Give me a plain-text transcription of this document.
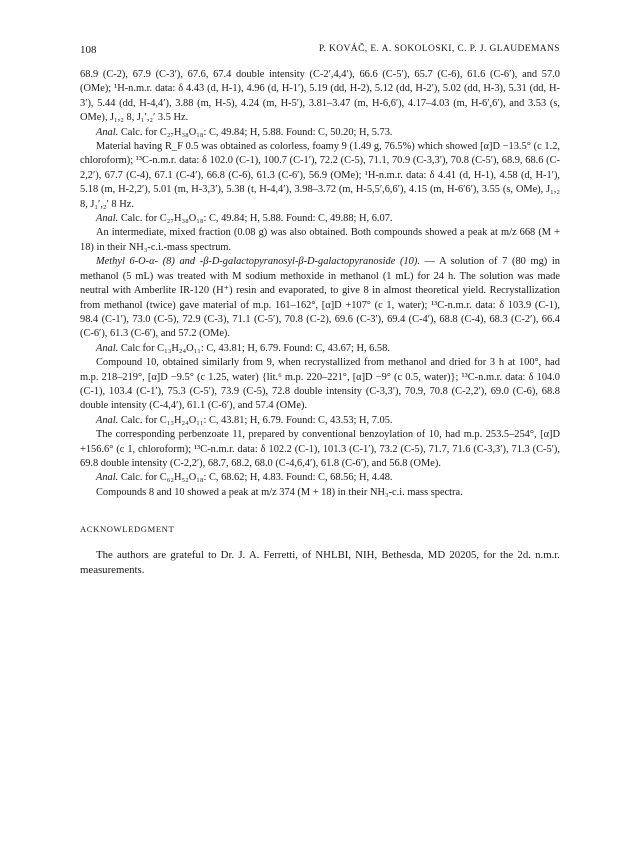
108	P. KOVÁČ, E. A. SOKOLOSKI, C. P. J. GLAUDEMANS

68.9 (C-2), 67.9 (C-3′), 67.6, 67.4 double intensity (C-2′,4,4′), 66.6 (C-5′), 65.7 (C-6), 61.6 (C-6′), and 57.0 (OMe); ¹H-n.m.r. data: δ 4.43 (d, H-1), 4.96 (d, H-1′), 5.19 (dd, H-2), 5.12 (dd, H-2′), 5.02 (dd, H-3), 5.31 (dd, H-3′), 5.44 (dd, H-4,4′), 3.88 (m, H-5), 4.24 (m, H-5′), 3.81–3.47 (m, H-6,6′), 4.17–4.03 (m, H-6′,6′), and 3.53 (s, OMe), J₁,₂ 8, J₁′,₂′ 3.5 Hz.

Anal. Calc. for C₂₇H₃₈O₁₈: C, 49.84; H, 5.88. Found: C, 50.20; H, 5.73.

Material having R_F 0.5 was obtained as colorless, foamy 9 (1.49 g, 76.5%) which showed [α]D −13.5° (c 1.2, chloroform); ¹³C-n.m.r. data: δ 102.0 (C-1), 100.7 (C-1′), 72.2 (C-5), 71.1, 70.9 (C-3,3′), 70.8 (C-5′), 68.9, 68.6 (C-2,2′), 67.7 (C-4), 67.1 (C-4′), 66.8 (C-6), 61.3 (C-6′), 56.9 (OMe); ¹H-n.m.r. data: δ 4.41 (d, H-1), 4.58 (d, H-1′), 5.18 (m, H-2,2′), 5.01 (m, H-3,3′), 5.38 (t, H-4,4′), 3.98–3.72 (m, H-5,5′,6,6′), 4.15 (m, H-6′6′), 3.55 (s, OMe), J₁,₂ 8, J₁′,₂′ 8 Hz.

Anal. Calc. for C₂₇H₃₈O₁₈: C, 49.84; H, 5.88. Found: C, 49.88; H, 6.07.

An intermediate, mixed fraction (0.08 g) was also obtained. Both compounds showed a peak at m/z 668 (M + 18) in their NH₃-c.i.-mass spectrum.

Methyl 6-O-α- (8) and -β-D-galactopyranosyl-β-D-galactopyranoside (10). — A solution of 7 (80 mg) in methanol (5 mL) was treated with M sodium methoxide in methanol (1 mL) for 24 h. The solution was made neutral with Amberlite IR-120 (H⁺) resin and evaporated, to give 8 in almost theoretical yield. Recrystallization from methanol (twice) gave material of m.p. 161–162°, [α]D +107° (c 1, water); ¹³C-n.m.r. data: δ 103.9 (C-1), 98.4 (C-1′), 73.0 (C-5), 72.9 (C-3), 71.1 (C-5′), 70.8 (C-2), 69.6 (C-3′), 69.4 (C-4′), 68.8 (C-4), 68.3 (C-2′), 66.4 (C-6′), 61.3 (C-6′), and 57.2 (OMe).

Anal. Calc for C₁₃H₂₄O₁₁: C, 43.81; H, 6.79. Found: C, 43.67; H, 6.58.

Compound 10, obtained similarly from 9, when recrystallized from methanol and dried for 3 h at 100°, had m.p. 218–219°, [α]D −9.5° (c 1.25, water) {lit.⁶ m.p. 220–221°, [α]D −9° (c 0.5, water)}; ¹³C-n.m.r. data: δ 104.0 (C-1), 103.4 (C-1′), 75.3 (C-5′), 73.9 (C-5), 72.8 double intensity (C-3,3′), 70.9, 70.8 (C-2,2′), 69.0 (C-6), 68.8 double intensity (C-4,4′), 61.1 (C-6′), and 57.4 (OMe).

Anal. Calc. for C₁₃H₂₄O₁₁: C, 43.81; H, 6.79. Found: C, 43.53; H, 7.05.

The corresponding perbenzoate 11, prepared by conventional benzoylation of 10, had m.p. 253.5–254°, [α]D +156.6° (c 1, chloroform); ¹³C-n.m.r. data: δ 102.2 (C-1), 101.3 (C-1′), 73.2 (C-5), 71.7, 71.6 (C-3,3′), 71.3 (C-5′), 69.8 double intensity (C-2,2′), 68.7, 68.2, 68.0 (C-4,6,4′), 61.8 (C-6′), and 56.8 (OMe).

Anal. Calc. for C₆₂H₅₂O₁₈: C, 68.62; H, 4.83. Found: C, 68.56; H, 4.48.

Compounds 8 and 10 showed a peak at m/z 374 (M + 18) in their NH₃-c.i. mass spectra.

ACKNOWLEDGMENT

The authors are grateful to Dr. J. A. Ferretti, of NHLBI, NIH, Bethesda, MD 20205, for the 2d. n.m.r. measurements.
